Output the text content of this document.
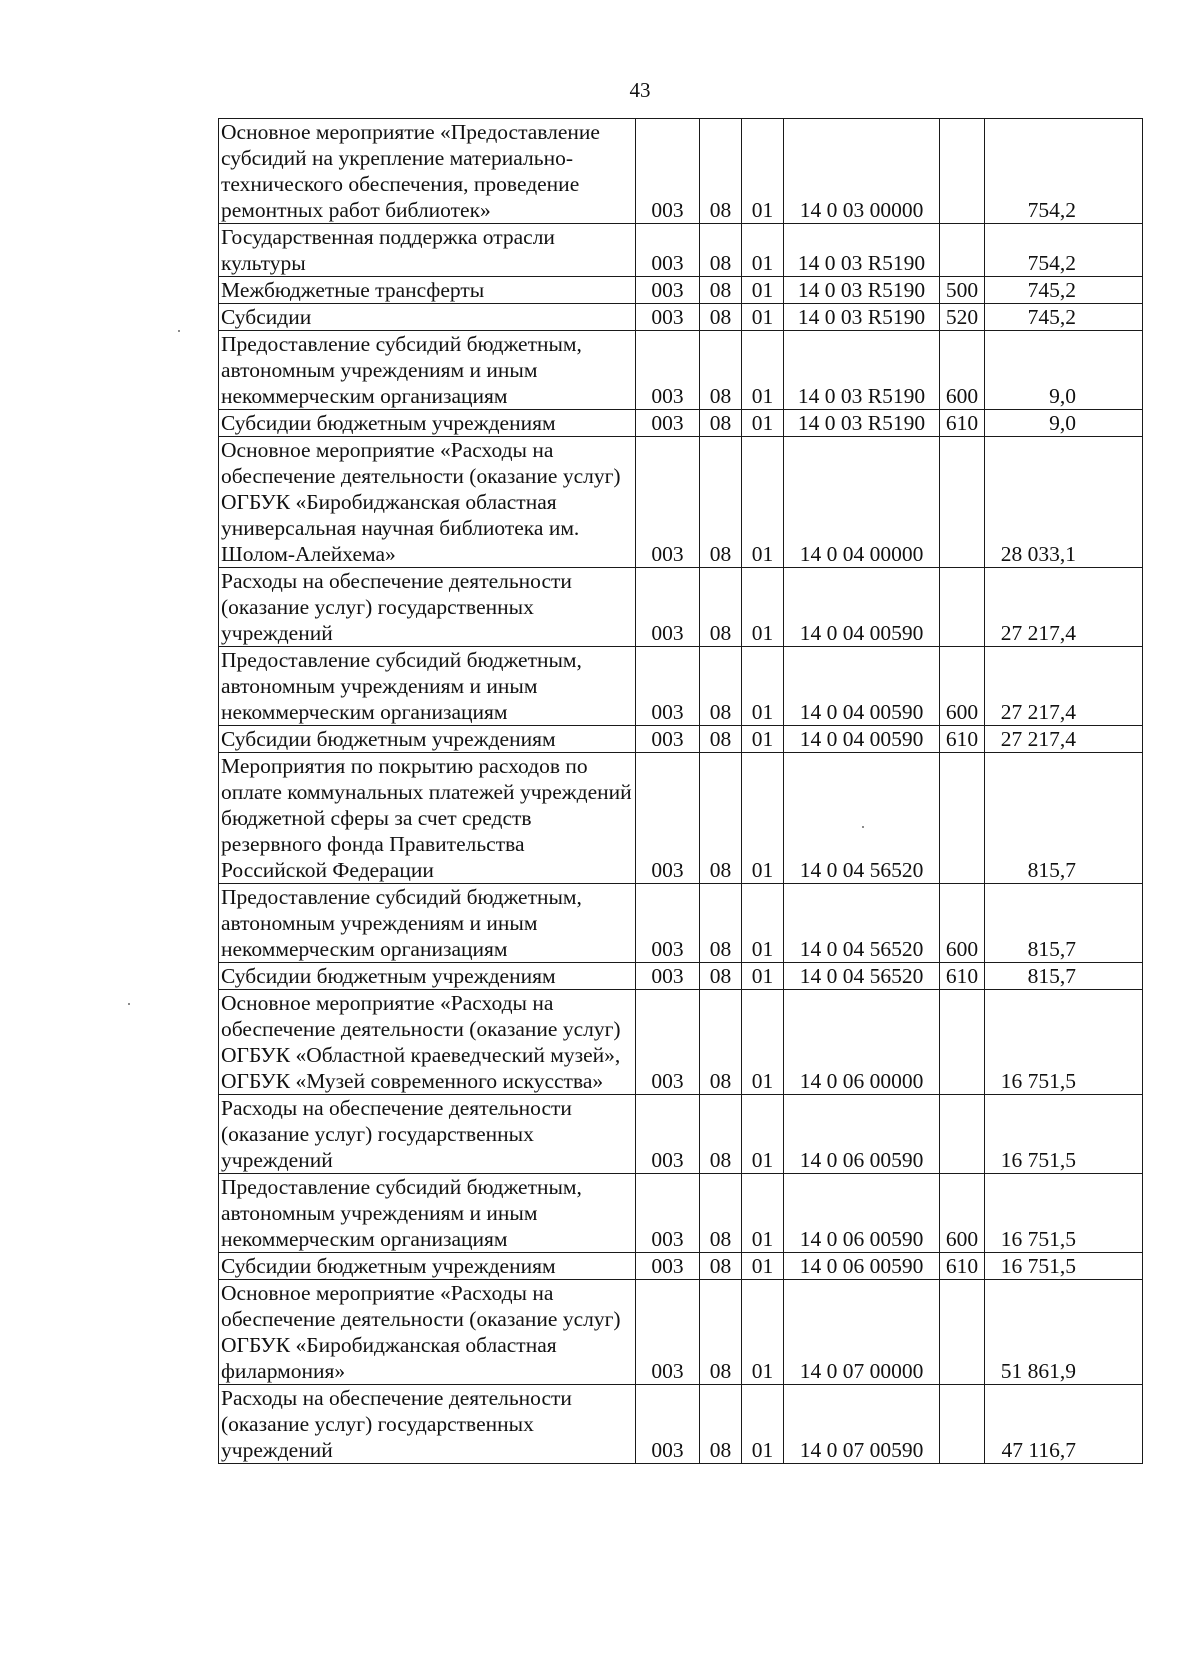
43
Основное мероприятие «Предоставление субсидий на укрепление материально-технического обеспечения, проведение ремонтных работ библиотек»	003	08	01	14 0 03 00000		754,2
Государственная поддержка отрасли культуры	003	08	01	14 0 03 R5190		754,2
Межбюджетные трансферты	003	08	01	14 0 03 R5190	500	745,2
Субсидии	003	08	01	14 0 03 R5190	520	745,2
Предоставление субсидий бюджетным, автономным учреждениям и иным некоммерческим организациям	003	08	01	14 0 03 R5190	600	9,0
Субсидии бюджетным учреждениям	003	08	01	14 0 03 R5190	610	9,0
Основное мероприятие «Расходы на обеспечение деятельности (оказание услуг) ОГБУК «Биробиджанская областная универсальная научная библиотека им. Шолом-Алейхема»	003	08	01	14 0 04 00000		28 033,1
Расходы на обеспечение деятельности (оказание услуг) государственных учреждений	003	08	01	14 0 04 00590		27 217,4
Предоставление субсидий бюджетным, автономным учреждениям и иным некоммерческим организациям	003	08	01	14 0 04 00590	600	27 217,4
Субсидии бюджетным учреждениям	003	08	01	14 0 04 00590	610	27 217,4
Мероприятия по покрытию расходов по оплате коммунальных платежей учреждений бюджетной сферы за счет средств резервного фонда Правительства Российской Федерации	003	08	01	14 0 04 56520		815,7
Предоставление субсидий бюджетным, автономным учреждениям и иным некоммерческим организациям	003	08	01	14 0 04 56520	600	815,7
Субсидии бюджетным учреждениям	003	08	01	14 0 04 56520	610	815,7
Основное мероприятие «Расходы на обеспечение деятельности (оказание услуг) ОГБУК «Областной краеведческий музей», ОГБУК «Музей современного искусства»	003	08	01	14 0 06 00000		16 751,5
Расходы на обеспечение деятельности (оказание услуг) государственных учреждений	003	08	01	14 0 06 00590		16 751,5
Предоставление субсидий бюджетным, автономным учреждениям и иным некоммерческим организациям	003	08	01	14 0 06 00590	600	16 751,5
Субсидии бюджетным учреждениям	003	08	01	14 0 06 00590	610	16 751,5
Основное мероприятие «Расходы на обеспечение деятельности (оказание услуг) ОГБУК «Биробиджанская областная филармония»	003	08	01	14 0 07 00000		51 861,9
Расходы на обеспечение деятельности (оказание услуг) государственных учреждений	003	08	01	14 0 07 00590		47 116,7
